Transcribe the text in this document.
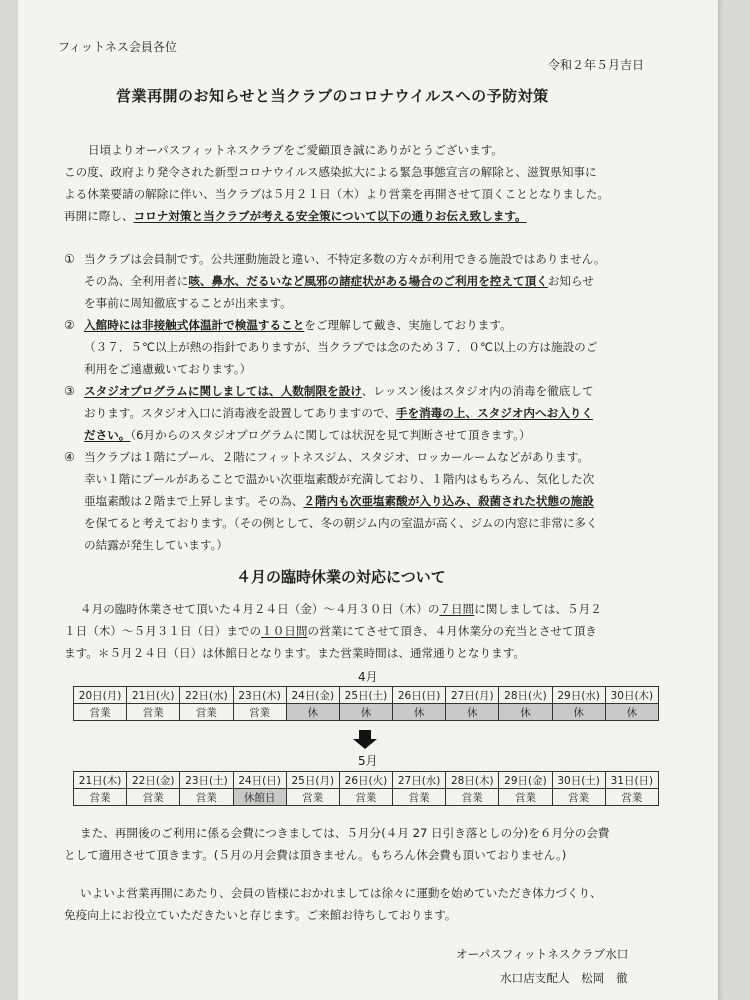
フィットネス会員各位
令和２年５月吉日
営業再開のお知らせと当クラブのコロナウイルスへの予防対策
日頃よりオーパスフィットネスクラブをご愛顧頂き誠にありがとうございます。
この度、政府より発令された新型コロナウイルス感染拡大による緊急事態宣言の解除と、滋賀県知事に
よる休業要請の解除に伴い、当クラブは５月２１日（木）より営業を再開させて頂くこととなりました。
再開に際し、コロナ対策と当クラブが考える安全策について以下の通りお伝え致します。
① 当クラブは会員制です。公共運動施設と違い、不特定多数の方々が利用できる施設ではありません。
その為、全利用者に咳、鼻水、だるいなど風邪の諸症状がある場合のご利用を控えて頂くお知らせ
を事前に周知徹底することが出来ます。
② 入館時には非接触式体温計で検温することをご理解して戴き、実施しております。
（３７．５℃以上が熱の指針でありますが、当クラブでは念のため３７．０℃以上の方は施設のご
利用をご遠慮戴いております。）
③ スタジオプログラムに関しましては、人数制限を設け、レッスン後はスタジオ内の消毒を徹底して
おります。スタジオ入口に消毒液を設置してありますので、手を消毒の上、スタジオ内へお入りく
ださい。（6月からのスタジオプログラムに関しては状況を見て判断させて頂きます。）
④ 当クラブは１階にプール、２階にフィットネスジム、スタジオ、ロッカールームなどがあります。
幸い１階にプールがあることで温かい次亜塩素酸が充満しており、１階内はもちろん、気化した次
亜塩素酸は２階まで上昇します。その為、２階内も次亜塩素酸が入り込み、殺菌された状態の施設
を保てると考えております。（その例として、冬の朝ジム内の室温が高く、ジムの内窓に非常に多く
の結露が発生しています。）
４月の臨時休業の対応について
４月の臨時休業させて頂いた４月２４日（金）～４月３０日（木）の７日間に関しましては、５月２
１日（木）～５月３１日（日）までの１０日間の営業にてさせて頂き、４月休業分の充当とさせて頂き
ます。＊５月２４日（日）は休館日となります。また営業時間は、通常通りとなります。
4月
20日(月)	21日(火)	22日(水)	23日(木)	24日(金)	25日(土)	26日(日)	27日(月)	28日(火)	29日(水)	30日(木)
営業	営業	営業	営業	休	休	休	休	休	休	休
5月
21日(木)	22日(金)	23日(土)	24日(日)	25日(月)	26日(火)	27日(水)	28日(木)	29日(金)	30日(土)	31日(日)
営業	営業	営業	休館日	営業	営業	営業	営業	営業	営業	営業
また、再開後のご利用に係る会費につきましては、５月分(４月 27 日引き落としの分)を６月分の会費
として適用させて頂きます。(５月の月会費は頂きません。もちろん休会費も頂いておりません。)
いよいよ営業再開にあたり、会員の皆様におかれましては徐々に運動を始めていただき体力づくり、
免疫向上にお役立ていただきたいと存じます。ご来館お待ちしております。
オーパスフィットネスクラブ水口
水口店支配人　松岡　徹
